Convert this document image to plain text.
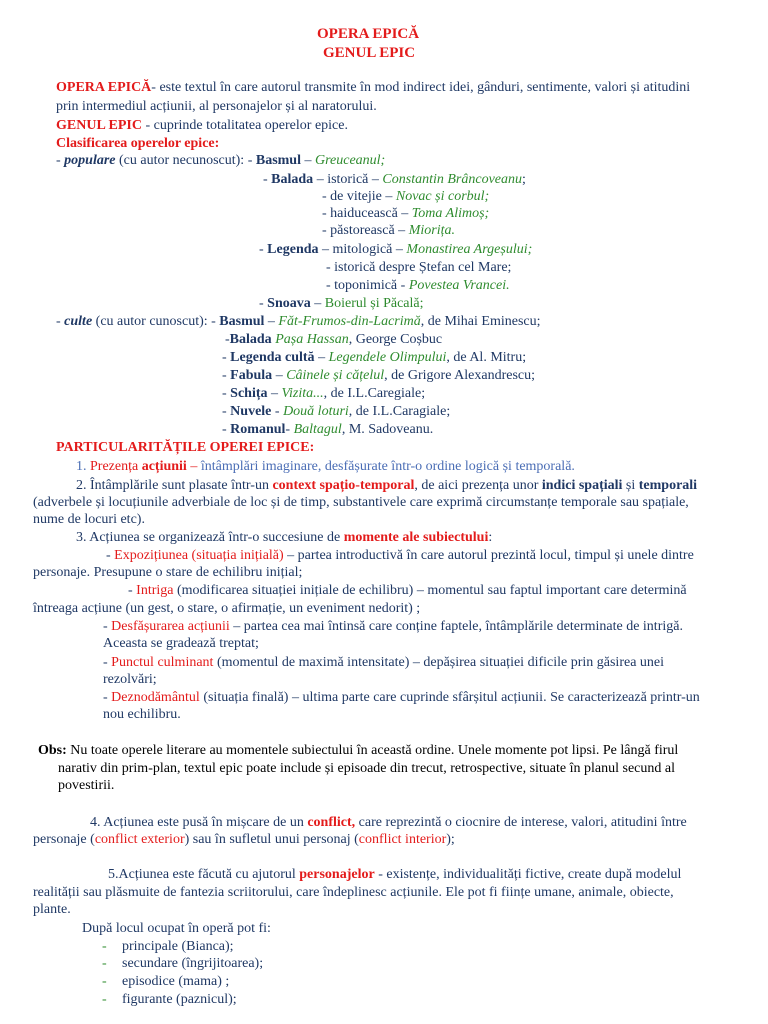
OPERA EPICĂ
GENUL EPIC
OPERA EPICĂ- este textul în care autorul transmite în mod indirect idei, gânduri, sentimente, valori și atitudini
prin intermediul acțiunii, al personajelor și al naratorului.
GENUL EPIC - cuprinde totalitatea operelor epice.
Clasificarea operelor epice:
- populare (cu autor necunoscut): - Basmul – Greuceanul;
- Balada – istorică – Constantin Brâncoveanu;
- de vitejie – Novac și corbul;
- haiducească – Toma Alimoș;
- păstorească – Miorița.
- Legenda – mitologică – Monastirea Argeșului;
- istorică despre Ștefan cel Mare;
- toponimică - Povestea Vrancei.
- Snoava – Boierul și Păcală;
- culte (cu autor cunoscut): - Basmul – Făt-Frumos-din-Lacrimă, de Mihai Eminescu;
-Balada Pașa Hassan, George Coșbuc
- Legenda cultă – Legendele Olimpului, de Al. Mitru;
- Fabula – Câinele și cățelul, de Grigore Alexandrescu;
- Schița – Vizita..., de I.L.Caregiale;
- Nuvele - Două loturi, de I.L.Caragiale;
- Romanul- Baltagul, M. Sadoveanu.
PARTICULARITĂȚILE OPEREI EPICE:
1. Prezența acțiunii – întâmplări imaginare, desfășurate într-o ordine logică și temporală.
2. Întâmplările sunt plasate într-un context spațio-temporal, de aici prezența unor indici spațiali și temporali
(adverbele și locuțiunile adverbiale de loc și de timp, substantivele care exprimă circumstanțe temporale sau spațiale,
nume de locuri etc).
3. Acțiunea se organizează într-o succesiune de momente ale subiectului:
- Expozițiunea (situația inițială) – partea introductivă în care autorul prezintă locul, timpul și unele dintre
personaje. Presupune o stare de echilibru inițial;
- Intriga (modificarea situației inițiale de echilibru) – momentul sau faptul important care determină
întreaga acțiune (un gest, o stare, o afirmație, un eveniment nedorit) ;
- Desfășurarea acțiunii – partea cea mai întinsă care conține faptele, întâmplările determinate de intrigă.
Aceasta se gradează treptat;
- Punctul culminant (momentul de maximă intensitate) – depășirea situației dificile prin găsirea unei
rezolvări;
- Deznodământul (situația finală) – ultima parte care cuprinde sfârșitul acțiunii. Se caracterizează printr-un
nou echilibru.
Obs: Nu toate operele literare au momentele subiectului în această ordine. Unele momente pot lipsi. Pe lângă firul
narativ din prim-plan, textul epic poate include și episoade din trecut, retrospective, situate în planul secund al
povestirii.
4. Acțiunea este pusă în mișcare de un conflict, care reprezintă o ciocnire de interese, valori, atitudini între
personaje (conflict exterior) sau în sufletul unui personaj (conflict interior);
5.Acțiunea este făcută cu ajutorul personajelor - existențe, individualități fictive, create după modelul
realității sau plăsmuite de fantezia scriitorului, care îndeplinesc acțiunile. Ele pot fi ființe umane, animale, obiecte,
plante.
După locul ocupat în operă pot fi:
- principale (Bianca);
- secundare (îngrijitoarea);
- episodice (mama) ;
- figurante (paznicul);
